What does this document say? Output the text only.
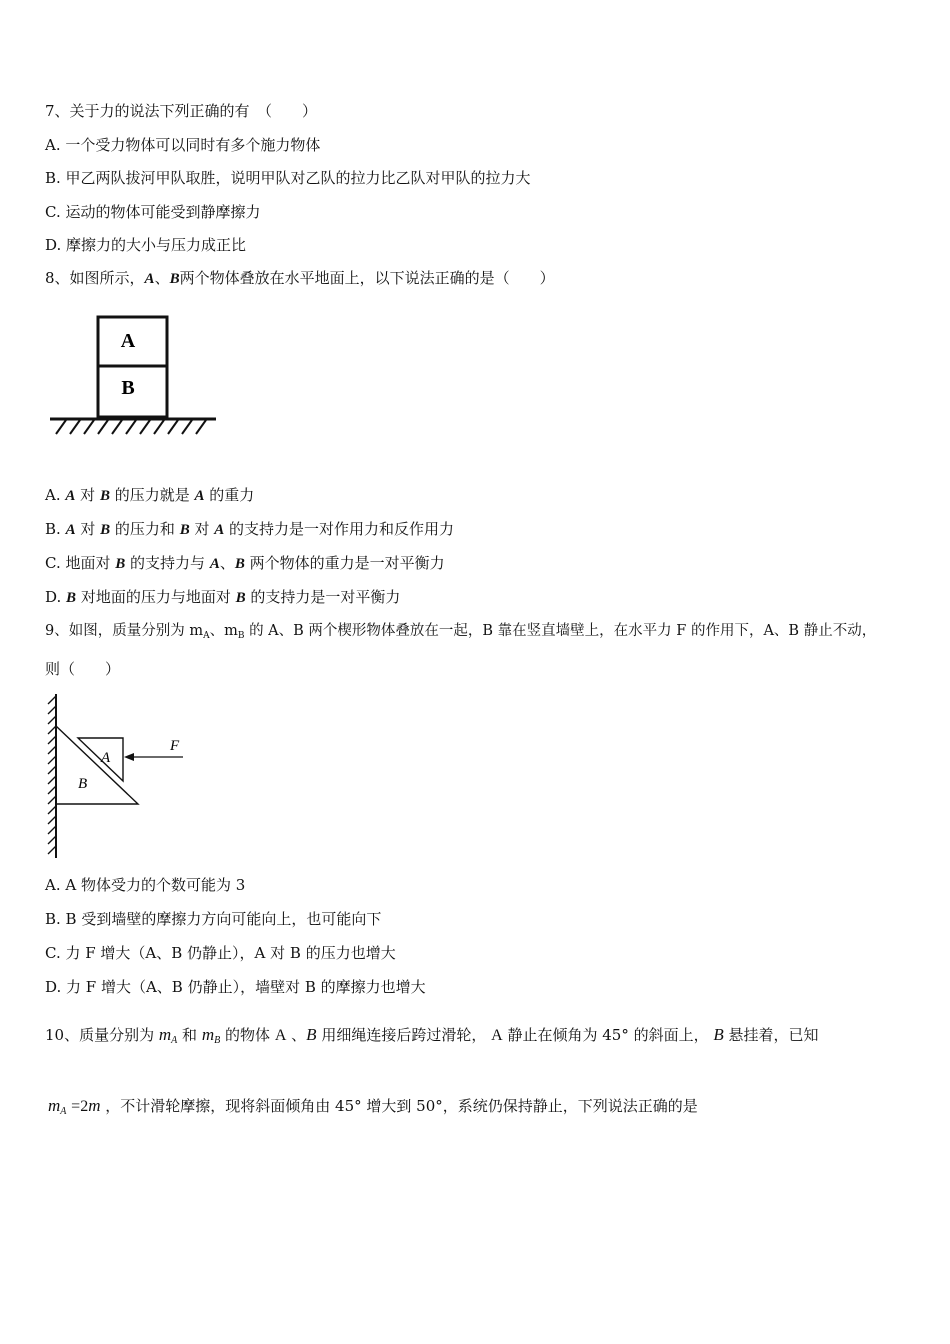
7、关于力的说法下列正确的有　（　　）
A. 一个受力物体可以同时有多个施力物体
B. 甲乙两队拔河甲队取胜，说明甲队对乙队的拉力比乙队对甲队的拉力大
C. 运动的物体可能受到静摩擦力
D. 摩擦力的大小与压力成正比
8、如图所示，A、B两个物体叠放在水平地面上，以下说法正确的是（　　）
A
B
A. A 对 B 的压力就是 A 的重力
B. A 对 B 的压力和 B 对 A 的支持力是一对作用力和反作用力
C. 地面对 B 的支持力与 A、B 两个物体的重力是一对平衡力
D. B 对地面的压力与地面对 B 的支持力是一对平衡力
9、如图，质量分别为 $m_A$、$m_B$ 的 A、B 两个楔形物体叠放在一起，B 靠在竖直墙壁上，在水平力 F 的作用下，A、B 静止不动，
则（　　）
F
A
B
A. A 物体受力的个数可能为 3
B. B 受到墙壁的摩擦力方向可能向上，也可能向下
C. 力 F 增大（A、B 仍静止），A 对 B 的压力也增大
D. 力 F 增大（A、B 仍静止），墙壁对 B 的摩擦力也增大
10、质量分别为 $m_A$ 和 $m_B$ 的物体 A 、B 用细绳连接后跨过滑轮， A 静止在倾角为 45° 的斜面上， B 悬挂着，已知
$m_A =2m$ ，不计滑轮摩擦，现将斜面倾角由 45° 增大到 50°，系统仍保持静止，下列说法正确的是
